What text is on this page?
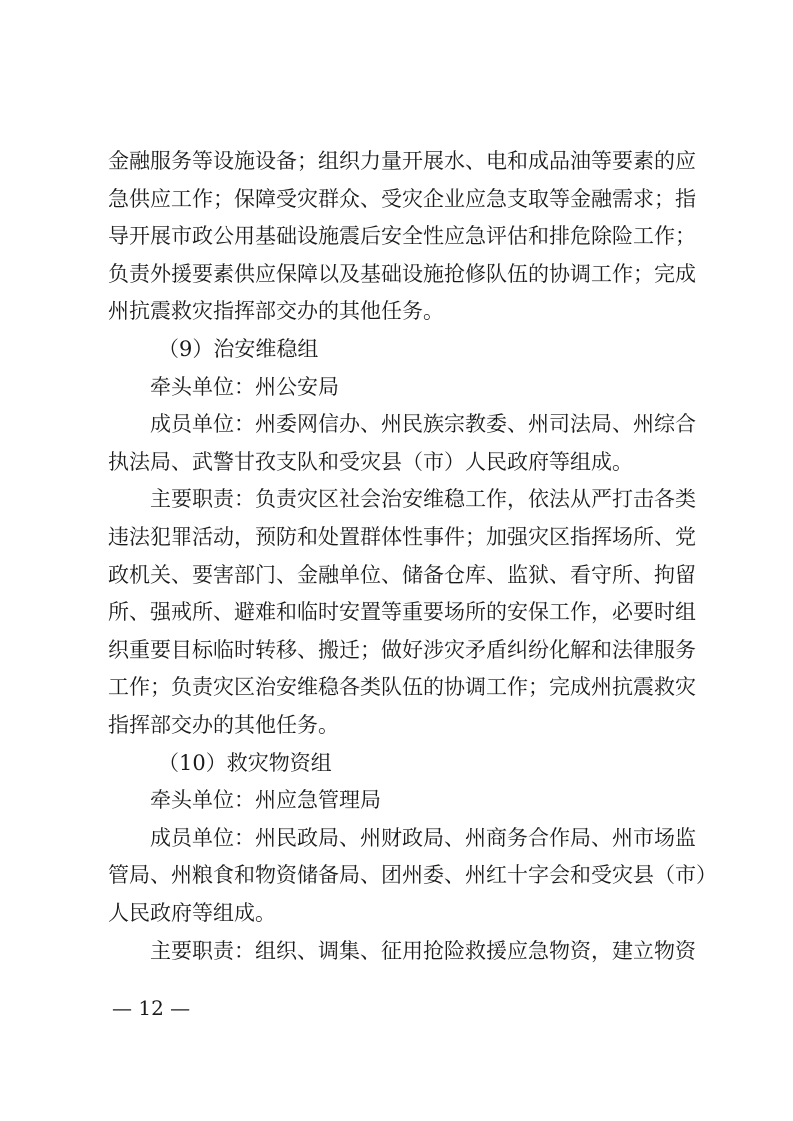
金融服务等设施设备；组织力量开展水、电和成品油等要素的应
急供应工作；保障受灾群众、受灾企业应急支取等金融需求；指
导开展市政公用基础设施震后安全性应急评估和排危除险工作；
负责外援要素供应保障以及基础设施抢修队伍的协调工作；完成
州抗震救灾指挥部交办的其他任务。
（9）治安维稳组
牵头单位：州公安局
成员单位：州委网信办、州民族宗教委、州司法局、州综合
执法局、武警甘孜支队和受灾县（市）人民政府等组成。
主要职责：负责灾区社会治安维稳工作，依法从严打击各类
违法犯罪活动，预防和处置群体性事件；加强灾区指挥场所、党
政机关、要害部门、金融单位、储备仓库、监狱、看守所、拘留
所、强戒所、避难和临时安置等重要场所的安保工作，必要时组
织重要目标临时转移、搬迁；做好涉灾矛盾纠纷化解和法律服务
工作；负责灾区治安维稳各类队伍的协调工作；完成州抗震救灾
指挥部交办的其他任务。
（10）救灾物资组
牵头单位：州应急管理局
成员单位：州民政局、州财政局、州商务合作局、州市场监
管局、州粮食和物资储备局、团州委、州红十字会和受灾县（市）
人民政府等组成。
主要职责：组织、调集、征用抢险救援应急物资，建立物资
— 12 —
